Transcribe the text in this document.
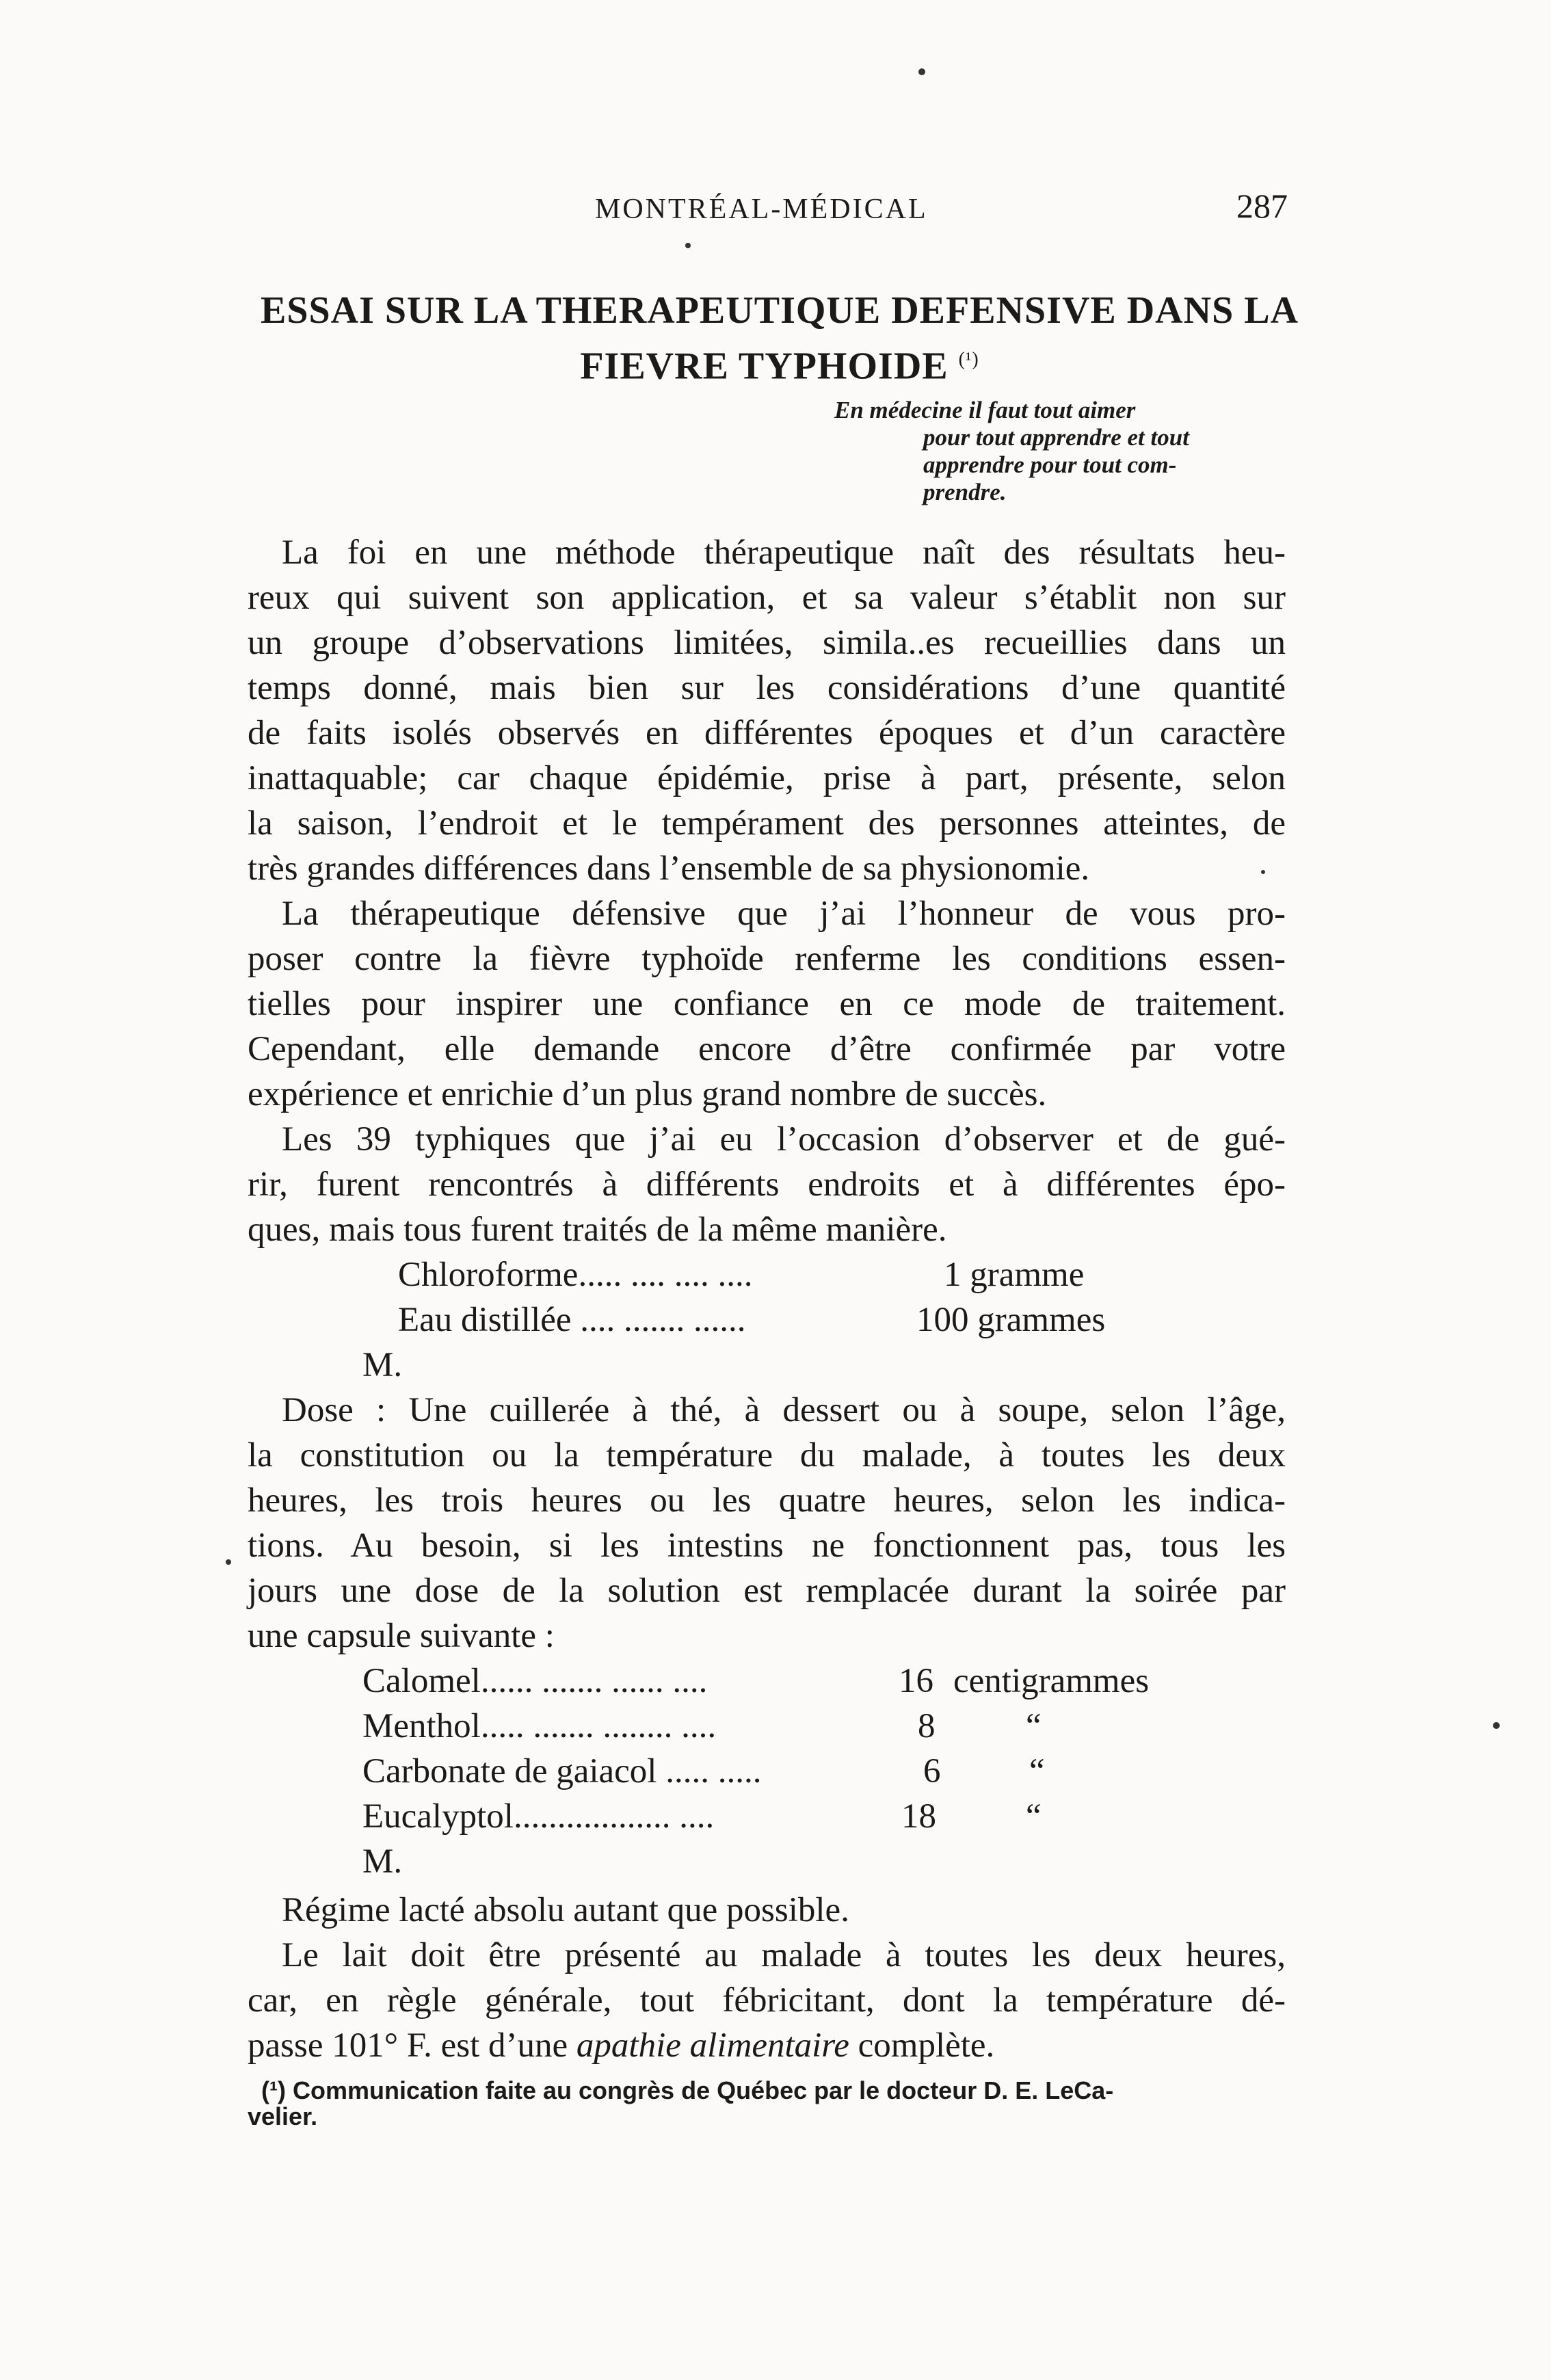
MONTRÉAL-MÉDICAL	287
ESSAI SUR LA THERAPEUTIQUE DEFENSIVE DANS LA
FIEVRE TYPHOIDE $^{(^1)}$
En médecine il faut tout aimer
pour tout apprendre et tout
apprendre pour tout com-
prendre.
La foi en une méthode thérapeutique naît des résultats heu-
reux qui suivent son application, et sa valeur s’établit non sur
un groupe d’observations limitées, simila..es recueillies dans un
temps donné, mais bien sur les considérations d’une quantité
de faits isolés observés en différentes époques et d’un caractère
inattaquable; car chaque épidémie, prise à part, présente, selon
la saison, l’endroit et le tempérament des personnes atteintes, de
très grandes différences dans l’ensemble de sa physionomie.
La thérapeutique défensive que j’ai l’honneur de vous pro-
poser contre la fièvre typhoïde renferme les conditions essen-
tielles pour inspirer une confiance en ce mode de traitement.
Cependant, elle demande encore d’être confirmée par votre
expérience et enrichie d’un plus grand nombre de succès.
Les 39 typhiques que j’ai eu l’occasion d’observer et de gué-
rir, furent rencontrés à différents endroits et à différentes épo-
ques, mais tous furent traités de la même manière.
Chloroforme..... .... .... ....	1 gramme
Eau distillée .... ....... ......	100 grammes
M.
Dose : Une cuillerée à thé, à dessert ou à soupe, selon l’âge,
la constitution ou la température du malade, à toutes les deux
heures, les trois heures ou les quatre heures, selon les indica-
tions. Au besoin, si les intestins ne fonctionnent pas, tous les
jours une dose de la solution est remplacée durant la soirée par
une capsule suivante :
Calomel...... ....... ...... ....	16 centigrammes
Menthol..... ....... ........ ....	8	“
Carbonate de gaiacol ..... .....	6	“
Eucalyptol.................. ....	18	“
M.
Régime lacté absolu autant que possible.
Le lait doit être présenté au malade à toutes les deux heures,
car, en règle générale, tout fébricitant, dont la température dé-
passe 101° F. est d’une apathie alimentaire complète.
(¹) Communication faite au congrès de Québec par le docteur D. E. LeCa-
velier.
